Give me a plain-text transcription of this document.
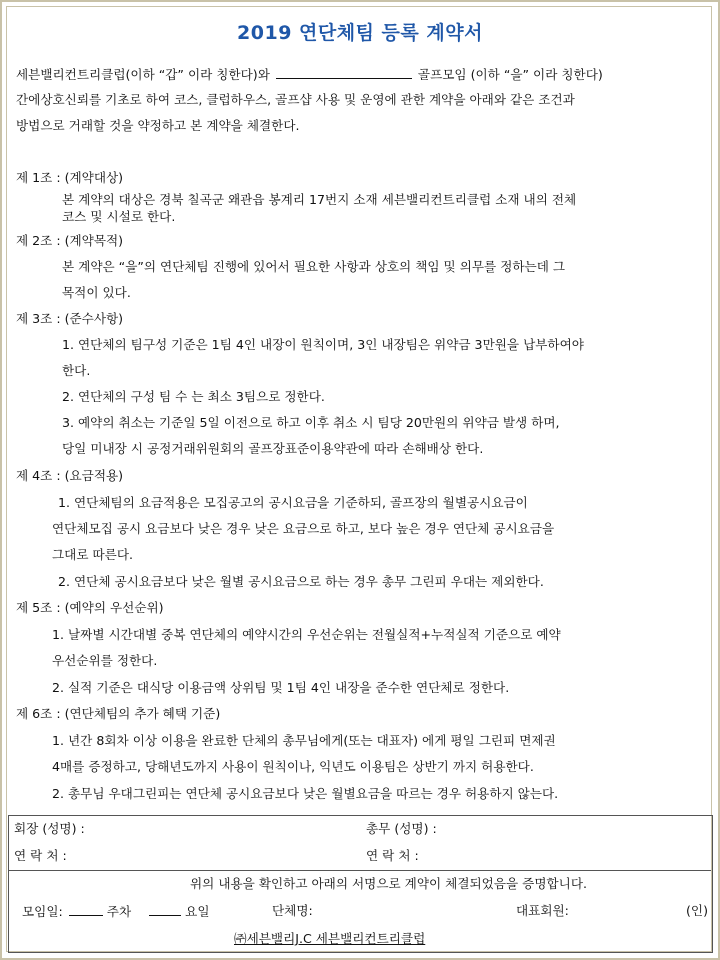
2019 연단체팀 등록 계약서
세븐밸리컨트리클럽(이하 “갑” 이라 칭한다)와	골프모임 (이하 “을” 이라 칭한다)
간에상호신뢰를 기초로 하여 코스, 클럽하우스, 골프샵 사용 및 운영에 관한 계약을 아래와 같은 조건과
방법으로 거래할 것을 약정하고 본 계약을 체결한다.
제 1조 : (계약대상)
본 계약의 대상은 경북 칠곡군 왜관읍 봉계리 17번지 소재 세븐밸리컨트리클럽 소재 내의 전체
코스 및 시설로 한다.
제 2조 : (계약목적)
본 계약은 “을”의 연단체팀 진행에 있어서 필요한 사항과 상호의 책임 및 의무를 정하는데 그
목적이 있다.
제 3조 : (준수사항)
1. 연단체의 팀구성 기준은 1팀 4인 내장이 원칙이며, 3인 내장팀은 위약금 3만원을 납부하여야
한다.
2. 연단체의 구성 팀 수 는 최소 3팀으로 정한다.
3. 예약의 취소는 기준일 5일 이전으로 하고 이후 취소 시 팀당 20만원의 위약금 발생 하며,
당일 미내장 시 공정거래위원회의 골프장표준이용약관에 따라 손해배상 한다.
제 4조 : (요금적용)
1. 연단체팀의 요금적용은 모집공고의 공시요금을 기준하되, 골프장의 월별공시요금이
연단체모집 공시 요금보다 낮은 경우 낮은 요금으로 하고, 보다 높은 경우 연단체 공시요금을
그대로 따른다.
2. 연단체 공시요금보다 낮은 월별 공시요금으로 하는 경우 총무 그린피 우대는 제외한다.
제 5조 : (예약의 우선순위)
1. 날짜별 시간대별 중복 연단체의 예약시간의 우선순위는 전월실적+누적실적 기준으로 예약
우선순위를 정한다.
2. 실적 기준은 대식당 이용금액 상위팀 및 1팀 4인 내장을 준수한 연단체로 정한다.
제 6조 : (연단체팀의 추가 혜택 기준)
1. 년간 8회차 이상 이용을 완료한 단체의 총무님에게(또는 대표자) 에게 평일 그린피 면제권
4매를 증정하고, 당해년도까지 사용이 원칙이나, 익년도 이용팀은 상반기 까지 허용한다.
2. 총무님 우대그린피는 연단체 공시요금보다 낮은 월별요금을 따르는 경우 허용하지 않는다.
회장 (성명) :	총무 (성명) :
연 락 처 :	연 락 처 :
위의 내용을 확인하고 아래의 서명으로 계약이 체결되었음을 증명합니다.
모임일:	주차	요일	단체명:	대표회원:	(인)
㈜세븐밸리J.C 세븐밸리컨트리클럽
